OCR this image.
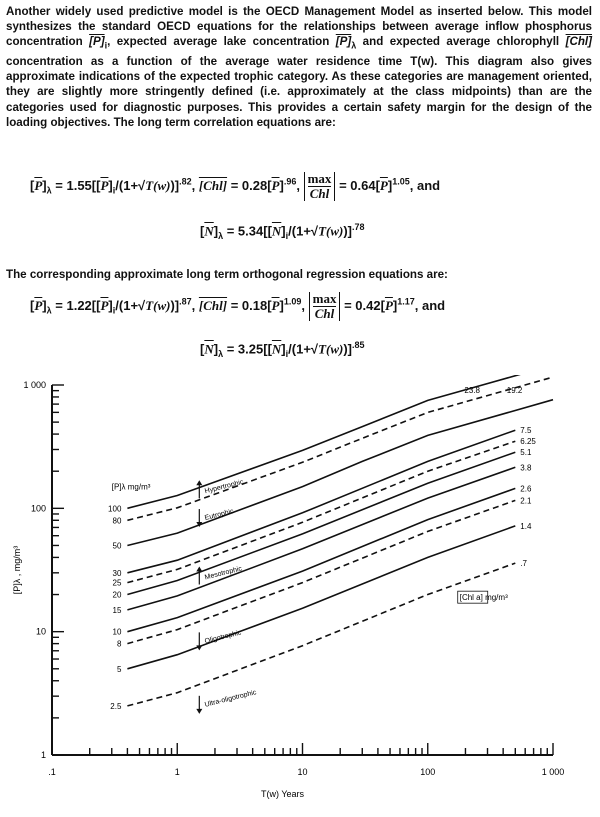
Another widely used predictive model is the OECD Management Model as inserted below. This model synthesizes the standard OECD equations for the relationships between average inflow phosphorus concentration $[P]_i$, expected average lake concentration $[P]_\lambda$ and expected average chlorophyll [Chl] concentration as a function of the average water residence time T(w). This diagram also gives approximate indications of the expected trophic category. As these categories are management oriented, they are slightly more stringently defined (i.e. approximately at the class midpoints) than are the categories used for diagnostic purposes. This provides a certain safety margin for the design of the loading objectives. The long term correlation equations are:
$[\overline{P}]_\lambda = 1.55[[\overline{P}]_i/(1+√T(w))]^{.82}$, $[Chl] = 0.28[\overline{P}]^{.96}$, $\frac{\max}{\text{Chl}} = 0.64[\overline{P}]^{1.05}$, and
$[\overline{N}]_\lambda = 5.34[[\overline{N}]_i/(1+√T(w))]^{.78}$
The corresponding approximate long term orthogonal regression equations are:
$[\overline{P}]_\lambda = 1.22[[\overline{P}]_i/(1+√T(w))]^{.87}$, $[Chl] = 0.18[\overline{P}]^{1.09}$, $\frac{\max}{\text{Chl}} = 0.42[\overline{P}]^{1.17}$, and
$[\overline{N}]_\lambda = 3.25[[\overline{N}]_i/(1+√T(w))]^{.85}$
.1	1	10	100	1 000
1
10
100
1 000
T(w) Years
[P]λ , mg/m³
100
23.8
80
19.2
50
30
7.5
25
6.25
20
5.1
15
3.8
10
2.6
8
2.1
5
1.4
2.5
.7
[P]λ mg/m³
[Chl a] mg/m³
Hypertrophic
Eutrophic
Mesotrophic
Oligotrophic
Ultra-oligotrophic
